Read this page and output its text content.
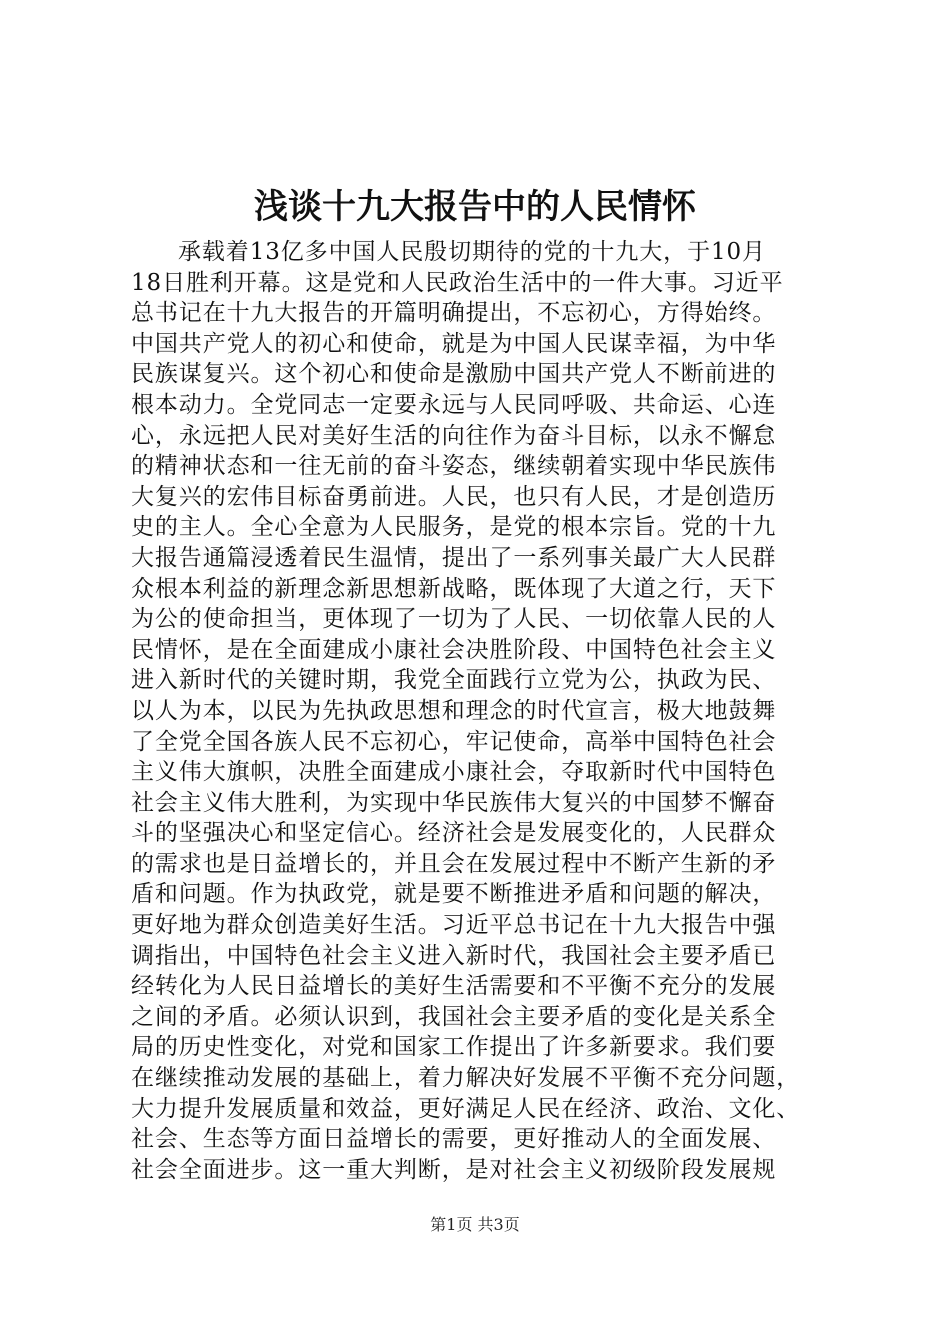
浅谈十九大报告中的人民情怀
承载着13亿多中国人民殷切期待的党的十九大，于10月
18日胜利开幕。这是党和人民政治生活中的一件大事。习近平
总书记在十九大报告的开篇明确提出，不忘初心，方得始终。
中国共产党人的初心和使命，就是为中国人民谋幸福，为中华
民族谋复兴。这个初心和使命是激励中国共产党人不断前进的
根本动力。全党同志一定要永远与人民同呼吸、共命运、心连
心，永远把人民对美好生活的向往作为奋斗目标，以永不懈怠
的精神状态和一往无前的奋斗姿态，继续朝着实现中华民族伟
大复兴的宏伟目标奋勇前进。人民，也只有人民，才是创造历
史的主人。全心全意为人民服务，是党的根本宗旨。党的十九
大报告通篇浸透着民生温情，提出了一系列事关最广大人民群
众根本利益的新理念新思想新战略，既体现了大道之行，天下
为公的使命担当，更体现了一切为了人民、一切依靠人民的人
民情怀，是在全面建成小康社会决胜阶段、中国特色社会主义
进入新时代的关键时期，我党全面践行立党为公，执政为民、
以人为本，以民为先执政思想和理念的时代宣言，极大地鼓舞
了全党全国各族人民不忘初心，牢记使命，高举中国特色社会
主义伟大旗帜，决胜全面建成小康社会，夺取新时代中国特色
社会主义伟大胜利，为实现中华民族伟大复兴的中国梦不懈奋
斗的坚强决心和坚定信心。经济社会是发展变化的，人民群众
的需求也是日益增长的，并且会在发展过程中不断产生新的矛
盾和问题。作为执政党，就是要不断推进矛盾和问题的解决，
更好地为群众创造美好生活。习近平总书记在十九大报告中强
调指出，中国特色社会主义进入新时代，我国社会主要矛盾已
经转化为人民日益增长的美好生活需要和不平衡不充分的发展
之间的矛盾。必须认识到，我国社会主要矛盾的变化是关系全
局的历史性变化，对党和国家工作提出了许多新要求。我们要
在继续推动发展的基础上，着力解决好发展不平衡不充分问题，
大力提升发展质量和效益，更好满足人民在经济、政治、文化、
社会、生态等方面日益增长的需要，更好推动人的全面发展、
社会全面进步。这一重大判断，是对社会主义初级阶段发展规
第1页 共3页
